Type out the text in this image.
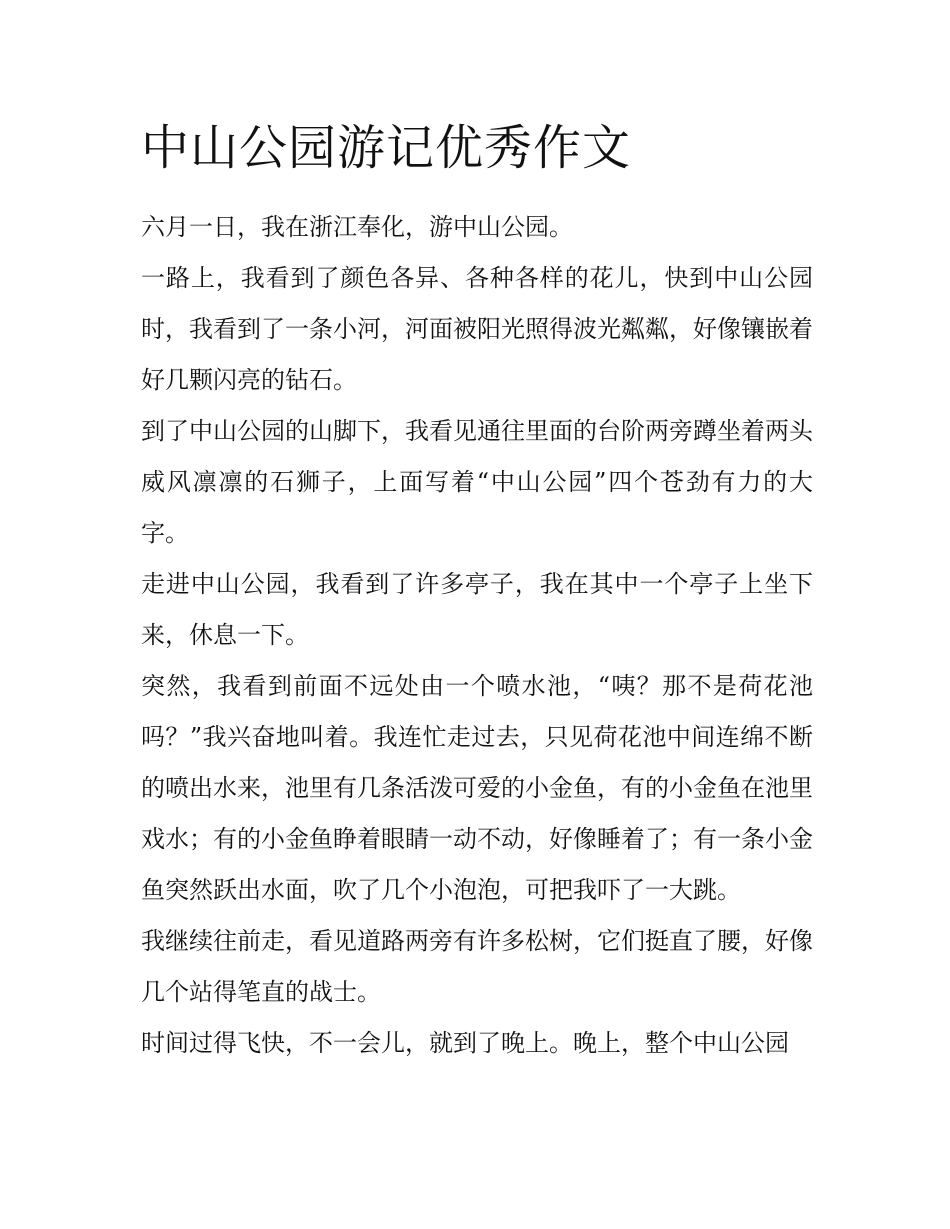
中山公园游记优秀作文

六月一日，我在浙江奉化，游中山公园。

一路上，我看到了颜色各异、各种各样的花儿，快到中山公园时，我看到了一条小河，河面被阳光照得波光粼粼，好像镶嵌着好几颗闪亮的钻石。

到了中山公园的山脚下，我看见通往里面的台阶两旁蹲坐着两头威风凛凛的石狮子，上面写着“中山公园”四个苍劲有力的大字。

走进中山公园，我看到了许多亭子，我在其中一个亭子上坐下来，休息一下。

突然，我看到前面不远处由一个喷水池，“咦？那不是荷花池吗？”我兴奋地叫着。我连忙走过去，只见荷花池中间连绵不断的喷出水来，池里有几条活泼可爱的小金鱼，有的小金鱼在池里戏水；有的小金鱼睁着眼睛一动不动，好像睡着了；有一条小金鱼突然跃出水面，吹了几个小泡泡，可把我吓了一大跳。

我继续往前走，看见道路两旁有许多松树，它们挺直了腰，好像几个站得笔直的战士。

时间过得飞快，不一会儿，就到了晚上。晚上，整个中山公园
